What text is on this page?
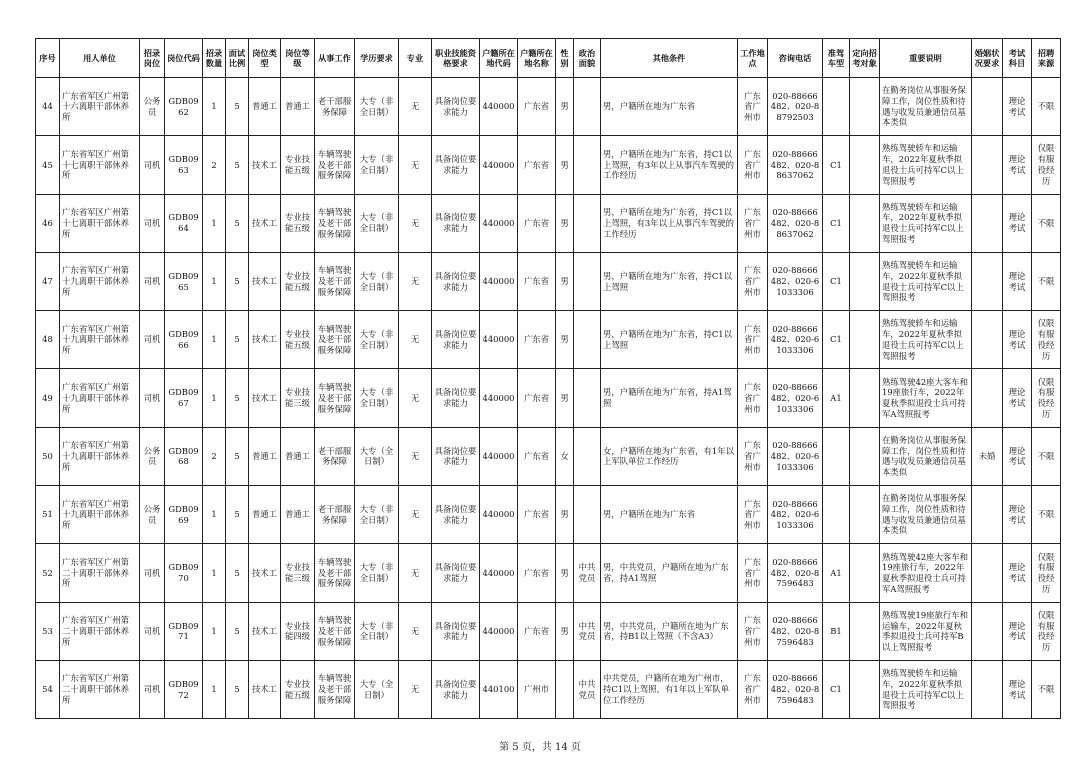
序号	用人单位	招录岗位	岗位代码	招录数量	面试比例	岗位类型	岗位等级	从事工作	学历要求	专业	职业技能资格要求	户籍所在地代码	户籍所在地名称	性别	政治面貌	其他条件	工作地点	咨询电话	准驾车型	定向招考对象	重要说明	婚姻状况要求	考试科目	招聘来源
44	广东省军区广州第十六离职干部休养所	公务员	GDB0962	1	5	普通工	普通工	老干部服务保障	大专（非全日制）	无	具备岗位要求能力	440000	广东省	男		男，户籍所在地为广东省	广东省广州市	020-88666482、020-88792503			在勤务岗位从事服务保障工作，岗位性质和待遇与收发员兼通信员基本类似		理论考试	不限
45	广东省军区广州第十七离职干部休养所	司机	GDB0963	2	5	技术工	专业技能五级	车辆驾驶及老干部服务保障	大专（非全日制）	无	具备岗位要求能力	440000	广东省	男		男，户籍所在地为广东省，持C1以上驾照，有3年以上从事汽车驾驶的工作经历	广东省广州市	020-88666482、020-88637062	C1		熟练驾驶轿车和运输车，2022年夏秋季拟退役士兵可持军C以上驾照报考		理论考试	仅限有服役经历
46	广东省军区广州第十七离职干部休养所	司机	GDB0964	1	5	技术工	专业技能五级	车辆驾驶及老干部服务保障	大专（非全日制）	无	具备岗位要求能力	440000	广东省	男		男，户籍所在地为广东省，持C1以上驾照，有3年以上从事汽车驾驶的工作经历	广东省广州市	020-88666482、020-88637062	C1		熟练驾驶轿车和运输车，2022年夏秋季拟退役士兵可持军C以上驾照报考		理论考试	不限
47	广东省军区广州第十九离职干部休养所	司机	GDB0965	1	5	技术工	专业技能五级	车辆驾驶及老干部服务保障	大专（非全日制）	无	具备岗位要求能力	440000	广东省	男		男，户籍所在地为广东省，持C1以上驾照	广东省广州市	020-88666482、020-61033306	C1		熟练驾驶轿车和运输车，2022年夏秋季拟退役士兵可持军C以上驾照报考		理论考试	不限
48	广东省军区广州第十九离职干部休养所	司机	GDB0966	1	5	技术工	专业技能五级	车辆驾驶及老干部服务保障	大专（非全日制）	无	具备岗位要求能力	440000	广东省	男		男，户籍所在地为广东省，持C1以上驾照	广东省广州市	020-88666482、020-61033306	C1		熟练驾驶轿车和运输车，2022年夏秋季拟退役士兵可持军C以上驾照报考		理论考试	仅限有服役经历
49	广东省军区广州第十九离职干部休养所	司机	GDB0967	1	5	技术工	专业技能三级	车辆驾驶及老干部服务保障	大专（非全日制）	无	具备岗位要求能力	440000	广东省	男		男，户籍所在地为广东省，持A1驾照	广东省广州市	020-88666482、020-61033306	A1		熟练驾驶42座大客车和19座旅行车，2022年夏秋季拟退役士兵可持军A驾照报考		理论考试	仅限有服役经历
50	广东省军区广州第十九离职干部休养所	公务员	GDB0968	2	5	普通工	普通工	老干部服务保障	大专（全日制）	无	具备岗位要求能力	440000	广东省	女		女，户籍所在地为广东省，有1年以上军队单位工作经历	广东省广州市	020-88666482、020-61033306			在勤务岗位从事服务保障工作，岗位性质和待遇与收发员兼通信员基本类似	未婚	理论考试	不限
51	广东省军区广州第十九离职干部休养所	公务员	GDB0969	1	5	普通工	普通工	老干部服务保障	大专（非全日制）	无	具备岗位要求能力	440000	广东省	男		男，户籍所在地为广东省	广东省广州市	020-88666482、020-61033306			在勤务岗位从事服务保障工作，岗位性质和待遇与收发员兼通信员基本类似		理论考试	不限
52	广东省军区广州第二十离职干部休养所	司机	GDB0970	1	5	技术工	专业技能三级	车辆驾驶及老干部服务保障	大专（非全日制）	无	具备岗位要求能力	440000	广东省	男	中共党员	男，中共党员，户籍所在地为广东省，持A1驾照	广东省广州市	020-88666482、020-87596483	A1		熟练驾驶42座大客车和19座旅行车，2022年夏秋季拟退役士兵可持军A驾照报考		理论考试	仅限有服役经历
53	广东省军区广州第二十离职干部休养所	司机	GDB0971	1	5	技术工	专业技能四级	车辆驾驶及老干部服务保障	大专（非全日制）	无	具备岗位要求能力	440000	广东省	男	中共党员	男，中共党员，户籍所在地为广东省，持B1以上驾照（不含A3）	广东省广州市	020-88666482、020-87596483	B1		熟练驾驶19座旅行车和运输车，2022年夏秋季拟退役士兵可持军B以上驾照报考		理论考试	仅限有服役经历
54	广东省军区广州第二十离职干部休养所	司机	GDB0972	1	5	技术工	专业技能五级	车辆驾驶及老干部服务保障	大专（全日制）	无	具备岗位要求能力	440100	广州市		中共党员	中共党员，户籍所在地为广州市，持C1以上驾照，有1年以上军队单位工作经历	广东省广州市	020-88666482、020-87596483	C1		熟练驾驶轿车和运输车，2022年夏秋季拟退役士兵可持军C以上驾照报考		理论考试	不限
第 5 页，共 14 页
